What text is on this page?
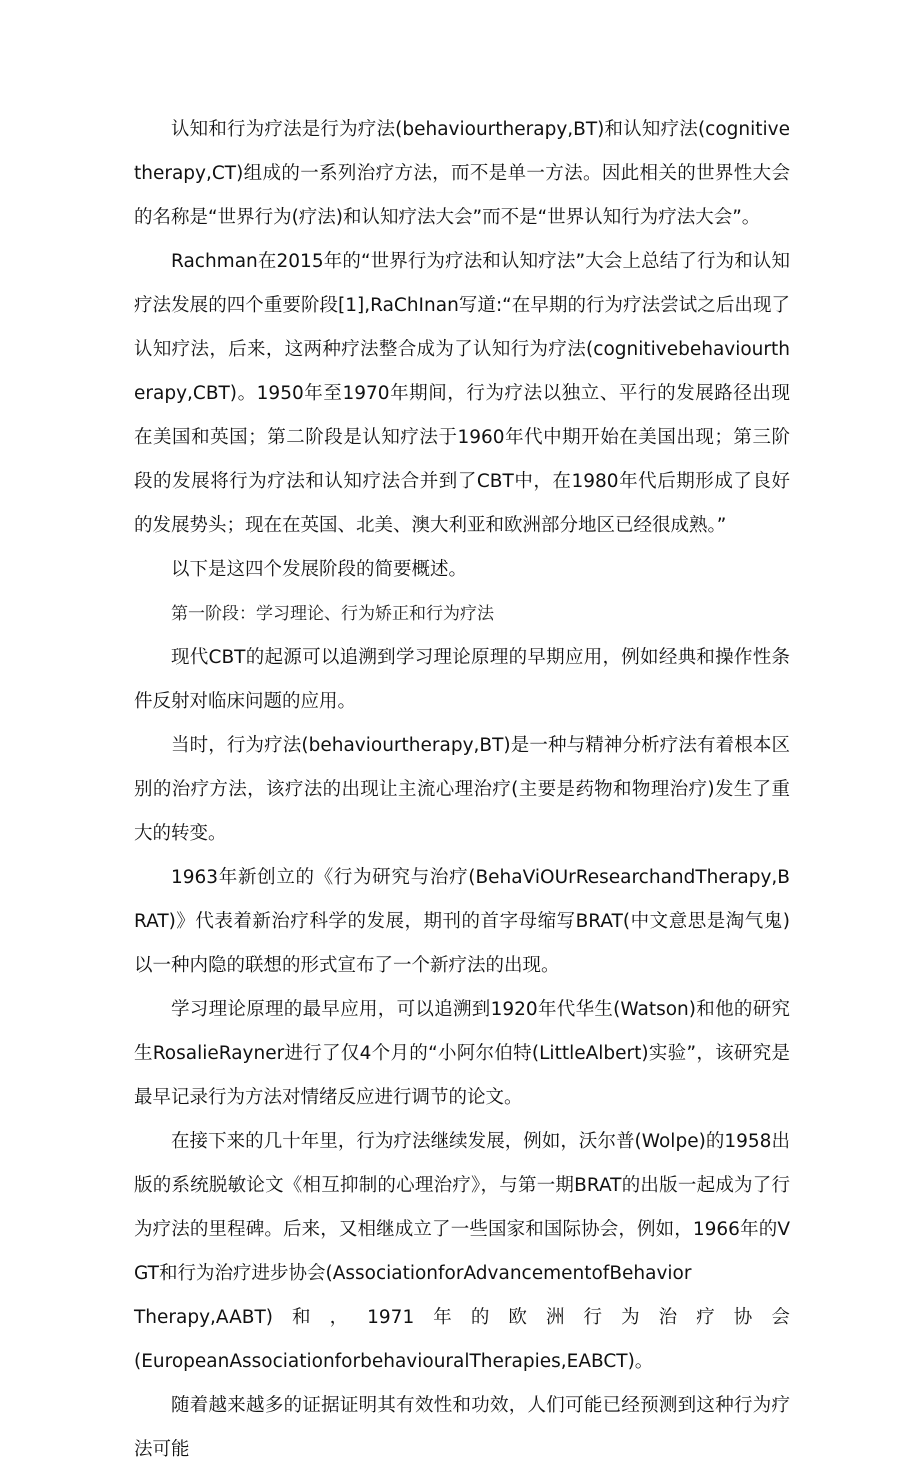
认知和行为疗法是行为疗法(behaviourtherapy,BT)和认知疗法(cognitivetherapy,CT)组成的一系列治疗方法，而不是单一方法。因此相关的世界性大会的名称是“世界行为(疗法)和认知疗法大会”而不是“世界认知行为疗法大会”。

Rachman在2015年的“世界行为疗法和认知疗法”大会上总结了行为和认知疗法发展的四个重要阶段[1],RaChInan写道:“在早期的行为疗法尝试之后出现了认知疗法，后来，这两种疗法整合成为了认知行为疗法(cognitivebehaviourtherapy,CBT)。1950年至1970年期间，行为疗法以独立、平行的发展路径出现在美国和英国；第二阶段是认知疗法于1960年代中期开始在美国出现；第三阶段的发展将行为疗法和认知疗法合并到了CBT中，在1980年代后期形成了良好的发展势头；现在在英国、北美、澳大利亚和欧洲部分地区已经很成熟。”

以下是这四个发展阶段的简要概述。

第一阶段：学习理论、行为矫正和行为疗法

现代CBT的起源可以追溯到学习理论原理的早期应用，例如经典和操作性条件反射对临床问题的应用。

当时，行为疗法(behaviourtherapy,BT)是一种与精神分析疗法有着根本区别的治疗方法，该疗法的出现让主流心理治疗(主要是药物和物理治疗)发生了重大的转变。

1963年新创立的《行为研究与治疗(BehaViOUrResearchandTherapy,BRAT)》代表着新治疗科学的发展，期刊的首字母缩写BRAT(中文意思是淘气鬼)以一种内隐的联想的形式宣布了一个新疗法的出现。

学习理论原理的最早应用，可以追溯到1920年代华生(Watson)和他的研究生RosalieRayner进行了仅4个月的“小阿尔伯特(LittleAlbert)实验”，该研究是最早记录行为方法对情绪反应进行调节的论文。

在接下来的几十年里，行为疗法继续发展，例如，沃尔普(Wolpe)的1958出版的系统脱敏论文《相互抑制的心理治疗》，与第一期BRAT的出版一起成为了行为疗法的里程碑。后来，又相继成立了一些国家和国际协会，例如，1966年的VGT和行为治疗进步协会(AssociationforAdvancementofBehavior

Therapy,AABT) 和 ， 1971 年 的 欧 洲 行 为 治 疗 协 会
(EuropeanAssociationforbehaviouralTherapies,EABCT)。

随着越来越多的证据证明其有效性和功效，人们可能已经预测到这种行为疗法可能
